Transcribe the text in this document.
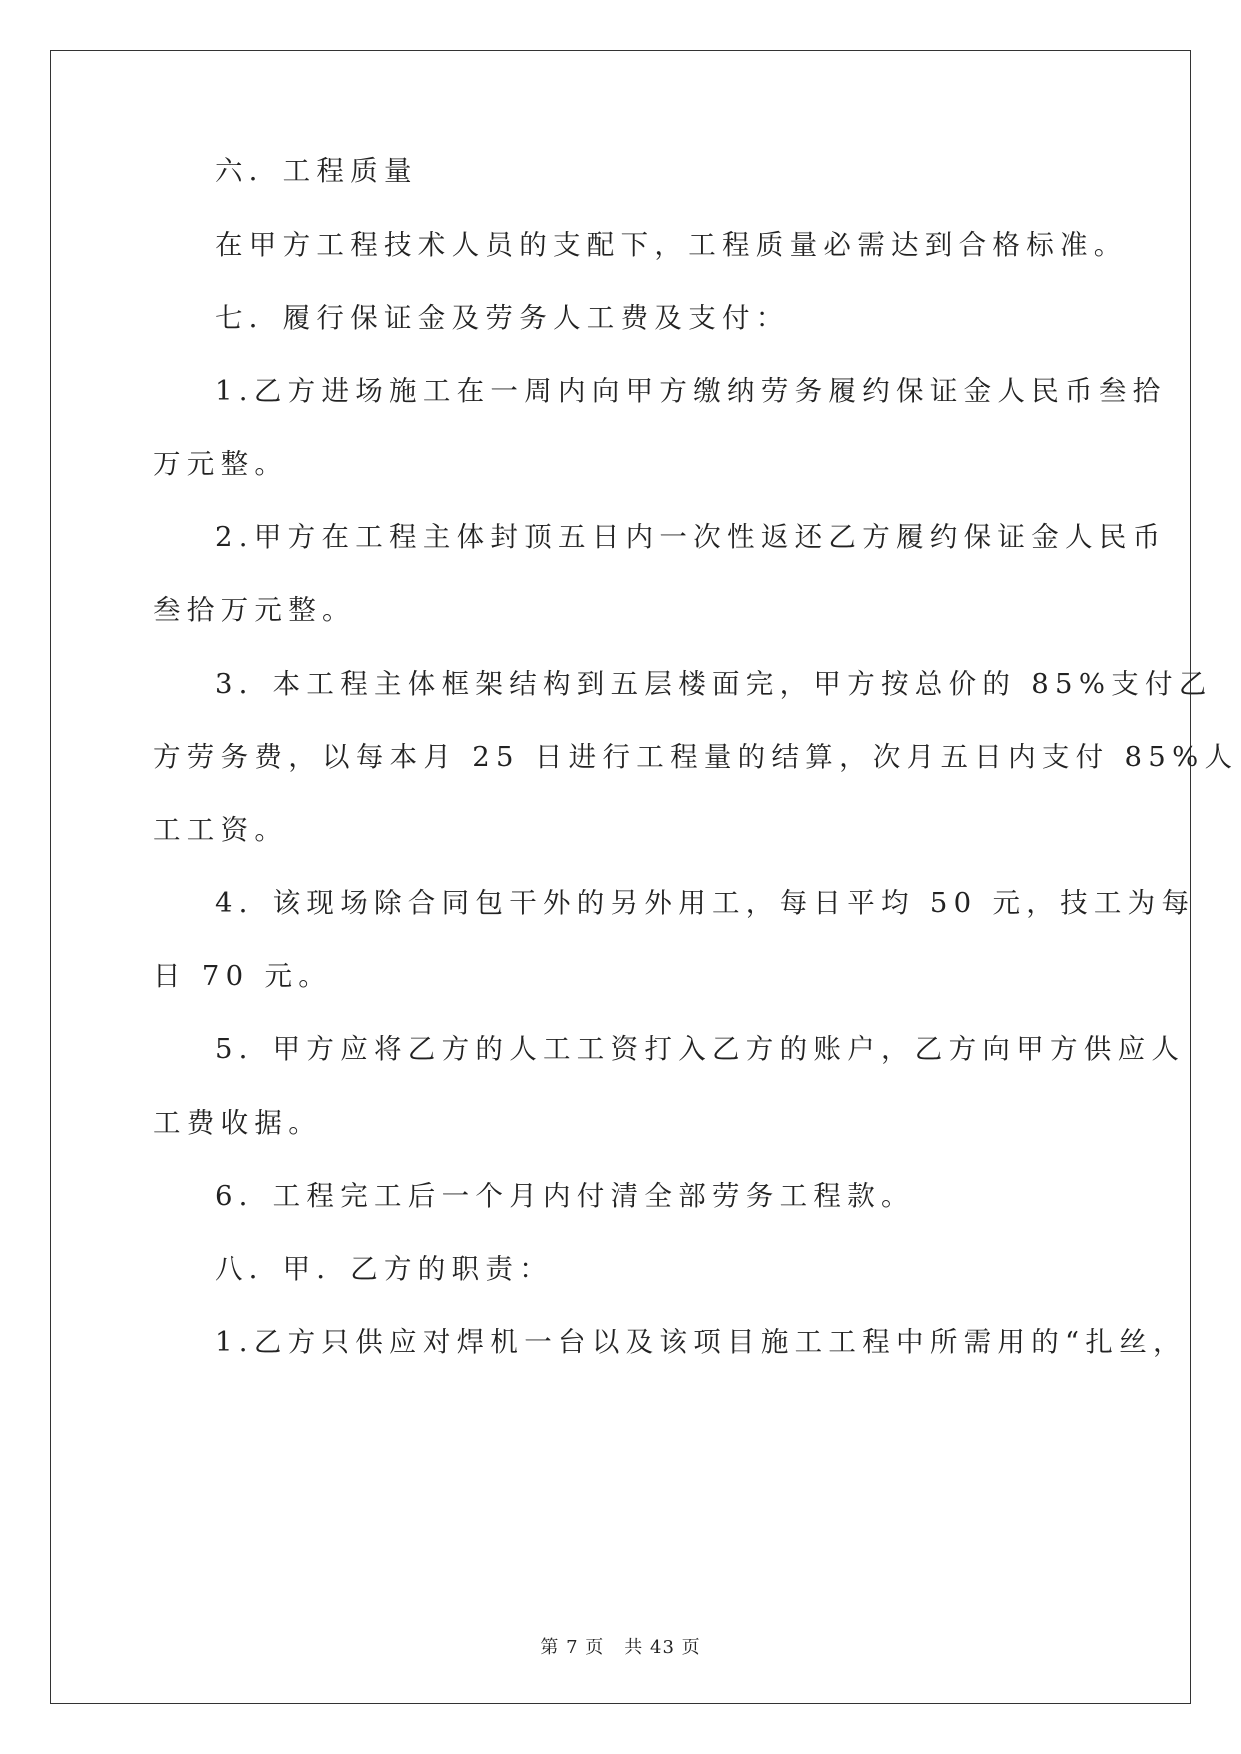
六．工程质量
在甲方工程技术人员的支配下，工程质量必需达到合格标准。
七．履行保证金及劳务人工费及支付：
1.乙方进场施工在一周内向甲方缴纳劳务履约保证金人民币叁拾
万元整。
2.甲方在工程主体封顶五日内一次性返还乙方履约保证金人民币
叁拾万元整。
3．本工程主体框架结构到五层楼面完，甲方按总价的 85%支付乙
方劳务费，以每本月 25 日进行工程量的结算，次月五日内支付 85%人
工工资。
4．该现场除合同包干外的另外用工，每日平均 50 元，技工为每
日 70 元。
5．甲方应将乙方的人工工资打入乙方的账户，乙方向甲方供应人
工费收据。
6．工程完工后一个月内付清全部劳务工程款。
八．甲．乙方的职责：
1.乙方只供应对焊机一台以及该项目施工工程中所需用的“扎丝，
第 7 页 共 43 页
